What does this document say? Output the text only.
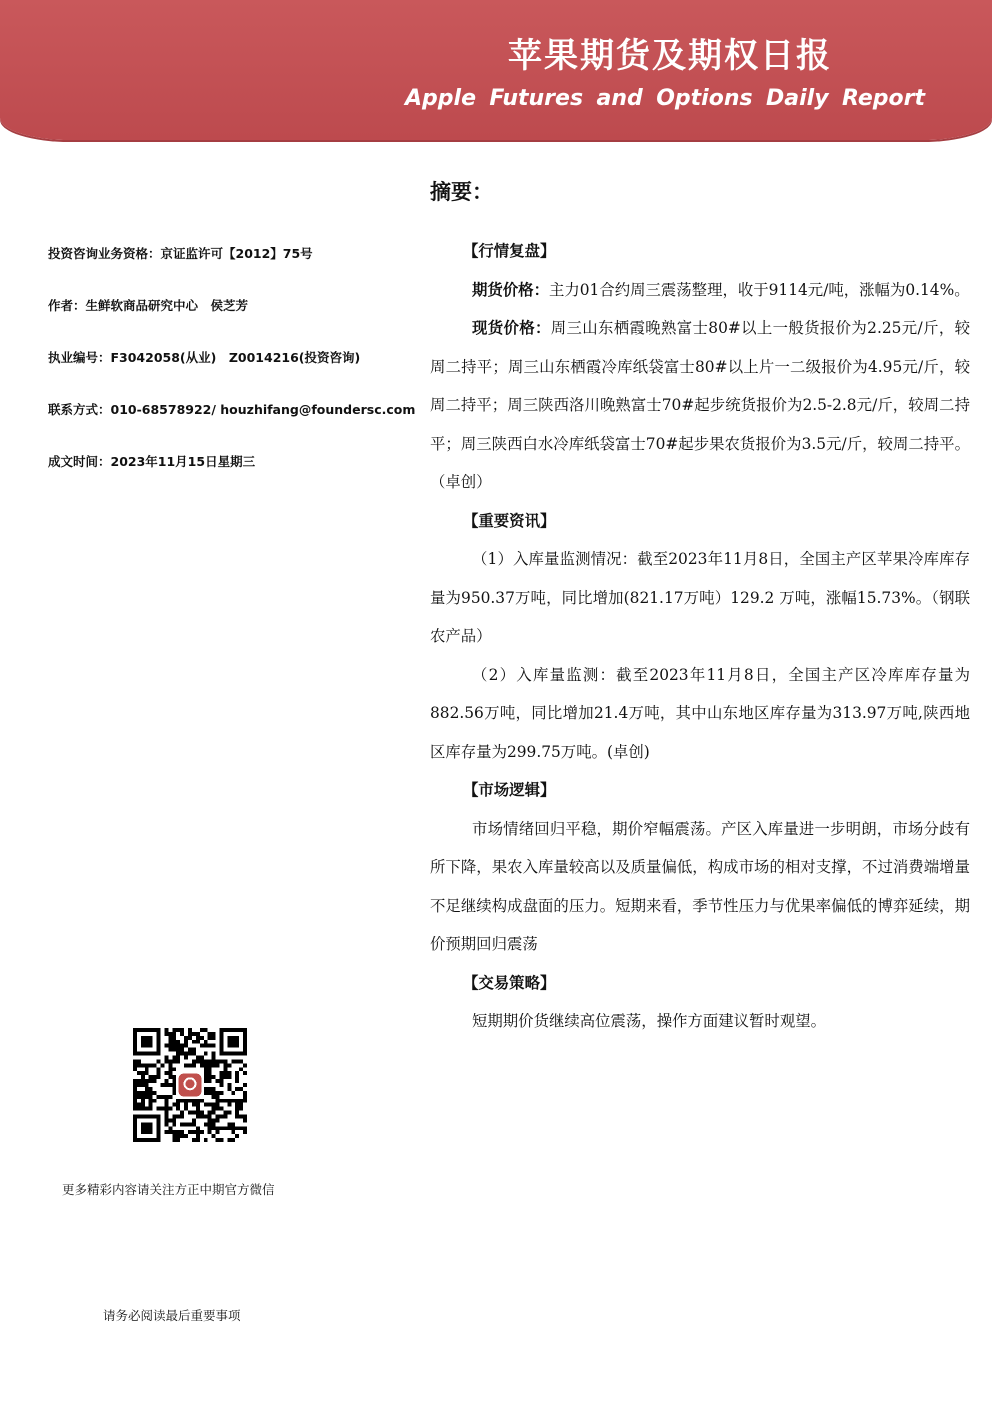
苹果期货及期权日报
Apple Futures and Options Daily Report
摘要：
投资咨询业务资格：京证监许可【2012】75号
作者： 生鲜软商品研究中心　侯芝芳
执业编号：F3042058(从业)　Z0014216(投资咨询)
联系方式：010-68578922/ houzhifang@foundersc.com
成文时间：2023年11月15日星期三
更多精彩内容请关注方正中期官方微信
请务必阅读最后重要事项

【行情复盘】

期货价格：主力01合约周三震荡整理，收于9114元/吨，涨幅为0.14%。

现货价格：周三山东栖霞晚熟富士80#以上一般货报价为2.25元/斤，较周二持平；周三山东栖霞冷库纸袋富士80#以上片一二级报价为4.95元/斤，较周二持平；周三陕西洛川晚熟富士70#起步统货报价为2.5-2.8元/斤，较周二持平；周三陕西白水冷库纸袋富士70#起步果农货报价为3.5元/斤，较周二持平。（卓创）

【重要资讯】

（1）入库量监测情况：截至2023年11月8日，全国主产区苹果冷库库存量为950.37万吨，同比增加(821.17万吨）129.2 万吨，涨幅15.73%。（钢联农产品）

（2）入库量监测：截至2023年11月8日，全国主产区冷库库存量为882.56万吨，同比增加21.4万吨，其中山东地区库存量为313.97万吨,陕西地区库存量为299.75万吨。(卓创)

【市场逻辑】

市场情绪回归平稳，期价窄幅震荡。产区入库量进一步明朗，市场分歧有所下降，果农入库量较高以及质量偏低，构成市场的相对支撑，不过消费端增量不足继续构成盘面的压力。短期来看，季节性压力与优果率偏低的博弈延续，期价预期回归震荡

【交易策略】

短期期价货继续高位震荡，操作方面建议暂时观望。
